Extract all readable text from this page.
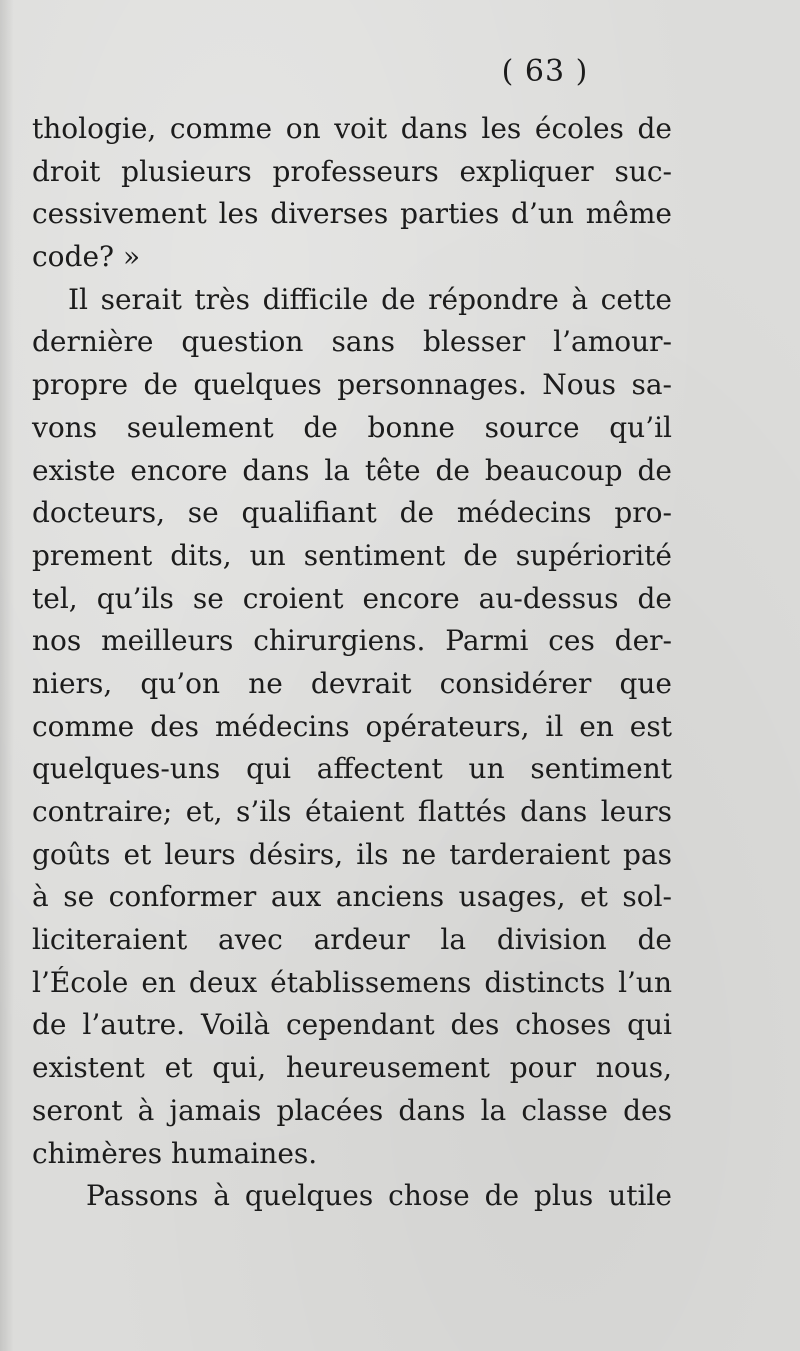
( 63 )
thologie, comme on voit dans les écoles de
droit plusieurs professeurs expliquer suc-
cessivement les diverses parties d’un même
code? »
Il serait très difficile de répondre à cette
dernière question sans blesser l’amour-
propre de quelques personnages. Nous sa-
vons seulement de bonne source qu’il
existe encore dans la tête de beaucoup de
docteurs, se qualifiant de médecins pro-
prement dits, un sentiment de supériorité
tel, qu’ils se croient encore au-dessus de
nos meilleurs chirurgiens. Parmi ces der-
niers, qu’on ne devrait considérer que
comme des médecins opérateurs, il en est
quelques-uns qui affectent un sentiment
contraire; et, s’ils étaient flattés dans leurs
goûts et leurs désirs, ils ne tarderaient pas
à se conformer aux anciens usages, et sol-
liciteraient avec ardeur la division de
l’École en deux établissemens distincts l’un
de l’autre. Voilà cependant des choses qui
existent et qui, heureusement pour nous,
seront à jamais placées dans la classe des
chimères humaines.
Passons à quelques chose de plus utile
